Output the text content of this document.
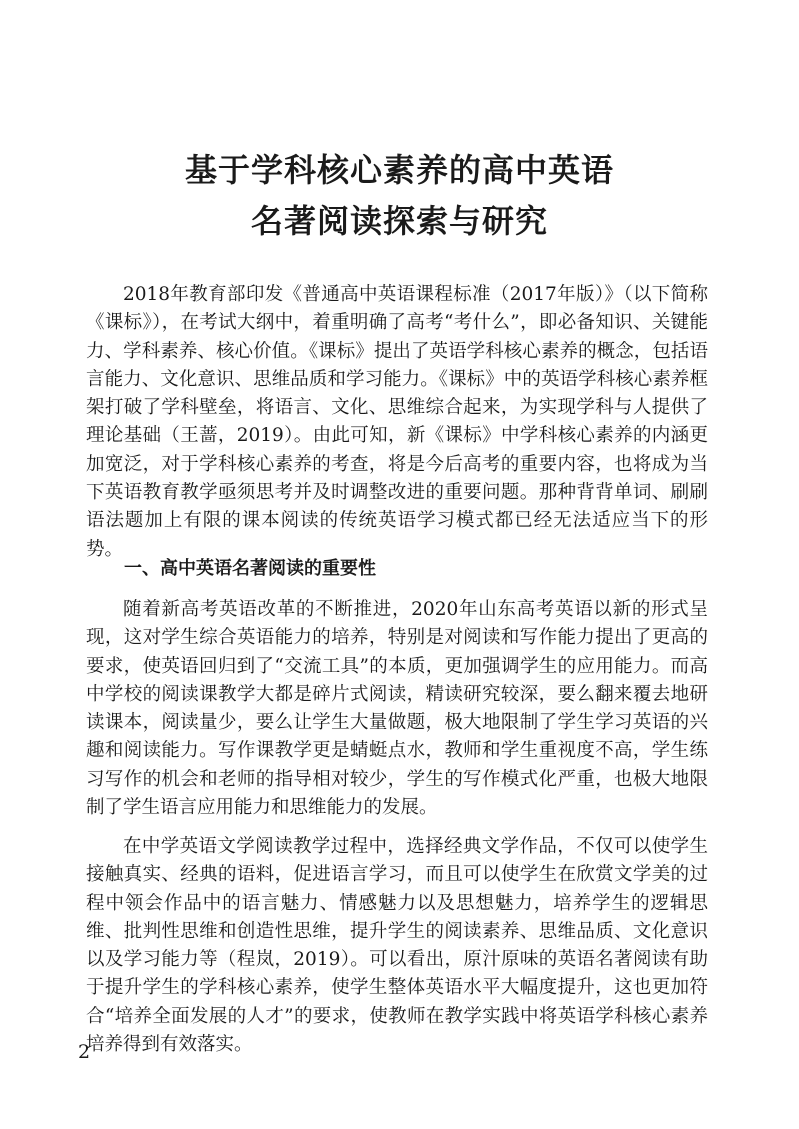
基于学科核心素养的高中英语
名著阅读探索与研究

2018年教育部印发《普通高中英语课程标准（2017年版）》（以下简称《课标》），在考试大纲中，着重明确了高考“考什么”，即必备知识、关键能力、学科素养、核心价值。《课标》提出了英语学科核心素养的概念，包括语言能力、文化意识、思维品质和学习能力。《课标》中的英语学科核心素养框架打破了学科壁垒，将语言、文化、思维综合起来，为实现学科与人提供了理论基础（王蔷，2019）。由此可知，新《课标》中学科核心素养的内涵更加宽泛，对于学科核心素养的考查，将是今后高考的重要内容，也将成为当下英语教育教学亟须思考并及时调整改进的重要问题。那种背背单词、刷刷语法题加上有限的课本阅读的传统英语学习模式都已经无法适应当下的形势。

一、高中英语名著阅读的重要性

随着新高考英语改革的不断推进，2020年山东高考英语以新的形式呈现，这对学生综合英语能力的培养，特别是对阅读和写作能力提出了更高的要求，使英语回归到了“交流工具”的本质，更加强调学生的应用能力。而高中学校的阅读课教学大都是碎片式阅读，精读研究较深，要么翻来覆去地研读课本，阅读量少，要么让学生大量做题，极大地限制了学生学习英语的兴趣和阅读能力。写作课教学更是蜻蜓点水，教师和学生重视度不高，学生练习写作的机会和老师的指导相对较少，学生的写作模式化严重，也极大地限制了学生语言应用能力和思维能力的发展。

在中学英语文学阅读教学过程中，选择经典文学作品，不仅可以使学生接触真实、经典的语料，促进语言学习，而且可以使学生在欣赏文学美的过程中领会作品中的语言魅力、情感魅力以及思想魅力，培养学生的逻辑思维、批判性思维和创造性思维，提升学生的阅读素养、思维品质、文化意识以及学习能力等（程岚，2019）。可以看出，原汁原味的英语名著阅读有助于提升学生的学科核心素养，使学生整体英语水平大幅度提升，这也更加符合“培养全面发展的人才”的要求，使教师在教学实践中将英语学科核心素养培养得到有效落实。

2
